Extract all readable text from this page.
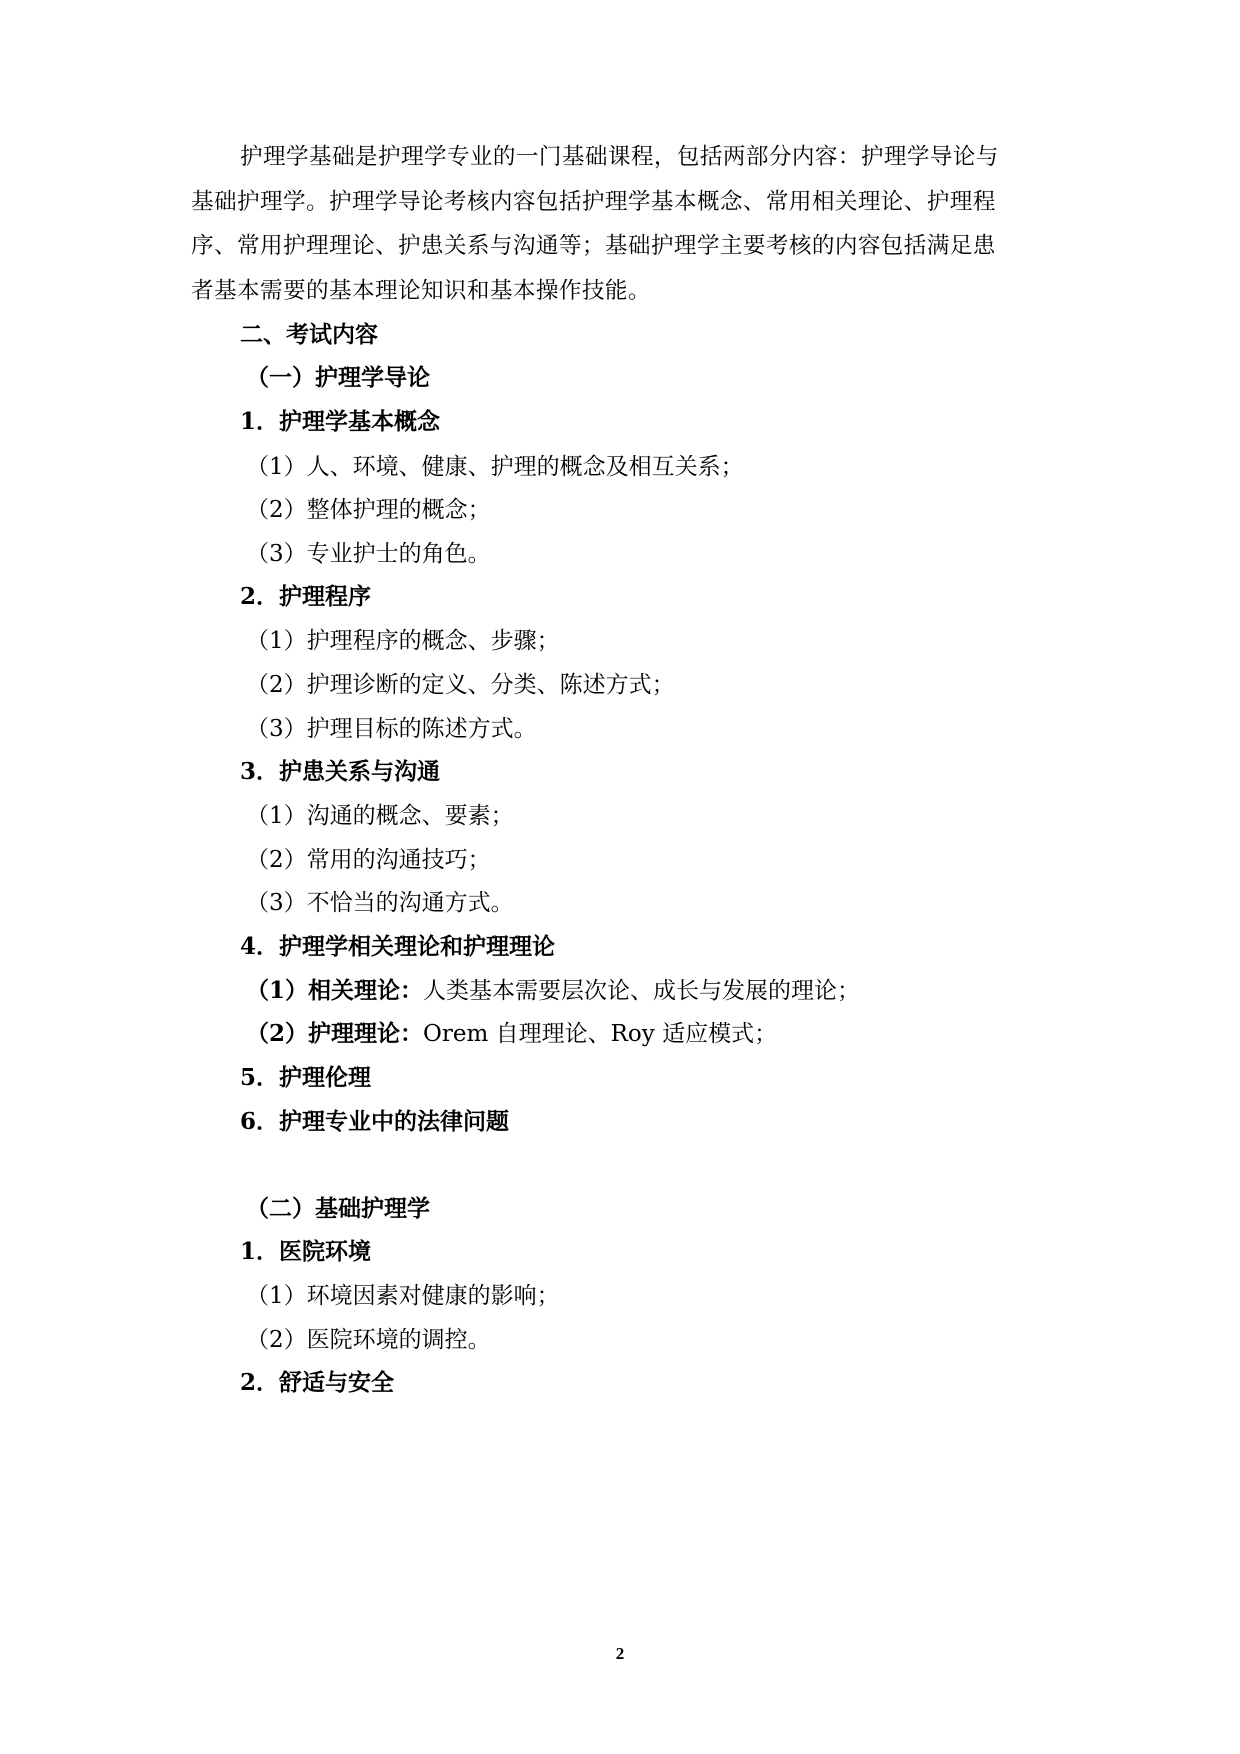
护理学基础是护理学专业的一门基础课程，包括两部分内容：护理学导论与
基础护理学。护理学导论考核内容包括护理学基本概念、常用相关理论、护理程
序、常用护理理论、护患关系与沟通等；基础护理学主要考核的内容包括满足患
者基本需要的基本理论知识和基本操作技能。
二、考试内容
（一）护理学导论
1．护理学基本概念
（1）人、环境、健康、护理的概念及相互关系；
（2）整体护理的概念；
（3）专业护士的角色。
2．护理程序
（1）护理程序的概念、步骤；
（2）护理诊断的定义、分类、陈述方式；
（3）护理目标的陈述方式。
3．护患关系与沟通
（1）沟通的概念、要素；
（2）常用的沟通技巧；
（3）不恰当的沟通方式。
4．护理学相关理论和护理理论
（1）相关理论：人类基本需要层次论、成长与发展的理论；
（2）护理理论：Orem 自理理论、Roy 适应模式；
5．护理伦理
6．护理专业中的法律问题
（二）基础护理学
1．医院环境
（1）环境因素对健康的影响；
（2）医院环境的调控。
2．舒适与安全
2
